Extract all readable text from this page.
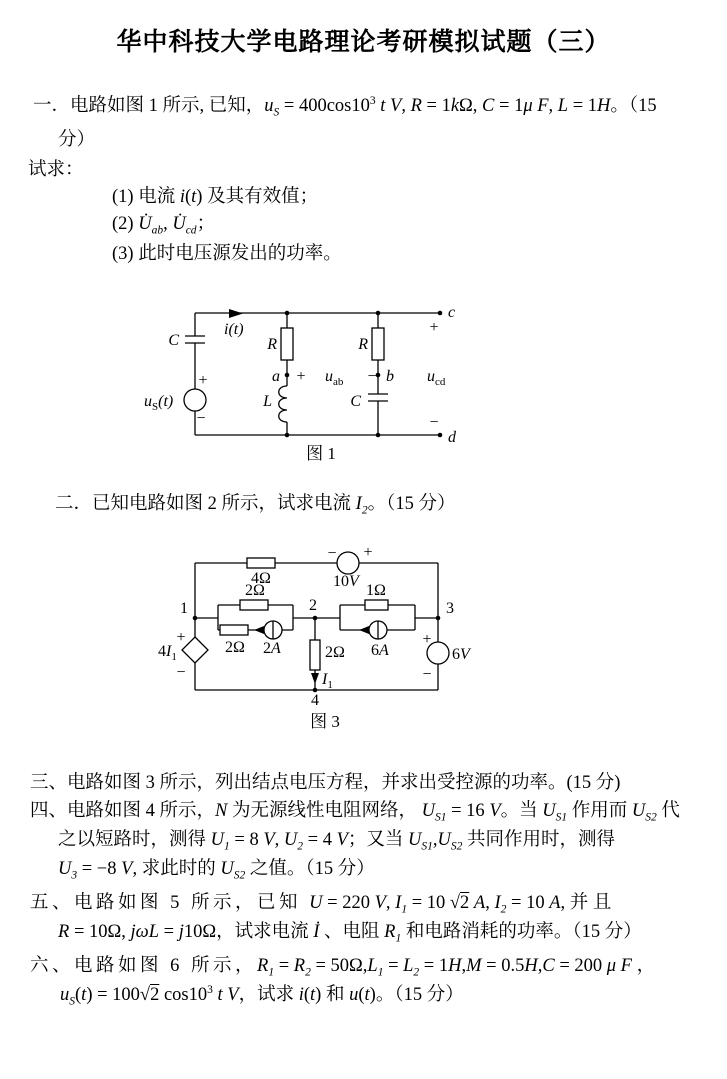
华中科技大学电路理论考研模拟试题（三）
一．电路如图 1 所示, 已知，$u_S = 400\cos 10^3$ t V, R = 1kΩ, C = 1μ F, L = 1H。（15
分）
试求：
(1) 电流 i(t) 及其有效值；
(2) $U̇_{ab}$, $U̇_{cd}$；
(3) 此时电压源发出的功率。
C
$u_S(t)$
+
−
i(t)
R	R
$a + u_{ab} - b$ $u_{cd}$
L	C
c
+
d
−
图 1
二．已知电路如图 2 所示，试求电流 $I_2$。（15 分）
4Ω
− +
10V
1	2	3
4
2Ω
2Ω 2A
1Ω
6A
2Ω
$I_1$
$4I_1$
+
−
+
−
6V
图 3
三、电路如图 3 所示，列出结点电压方程，并求出受控源的功率。(15 分)
四、电路如图 4 所示，N 为无源线性电阻网络， $U_{S1} = 16$ V。当 $U_{S1}$ 作用而 $U_{S2}$ 代
之以短路时，测得 $U_1 = 8$ V, $U_2 = 4$ V；又当 $U_{S1},U_{S2}$ 共同作用时，测得
$U_3 = -8$ V, 求此时的 $U_{S2}$ 之值。（15 分）
五、电路如图 5 所示，已知 U = 220 V, $I_1 = 10$ √2 A, $I_2 = 10$ A, 并 且
R = 10Ω, jωL = j10Ω，试求电流 İ 、电阻 $R_1$ 和电路消耗的功率。（15 分）
六、电路如图 6 所示，$R_1 = R_2 = 50\Omega,L_1 = L_2 = 1H,M = 0.5H,C = 200$ μ F ，
$u_S(t) = 100√2$ $\cos 10^3$ t V，试求 i(t) 和 u(t)。（15 分）
